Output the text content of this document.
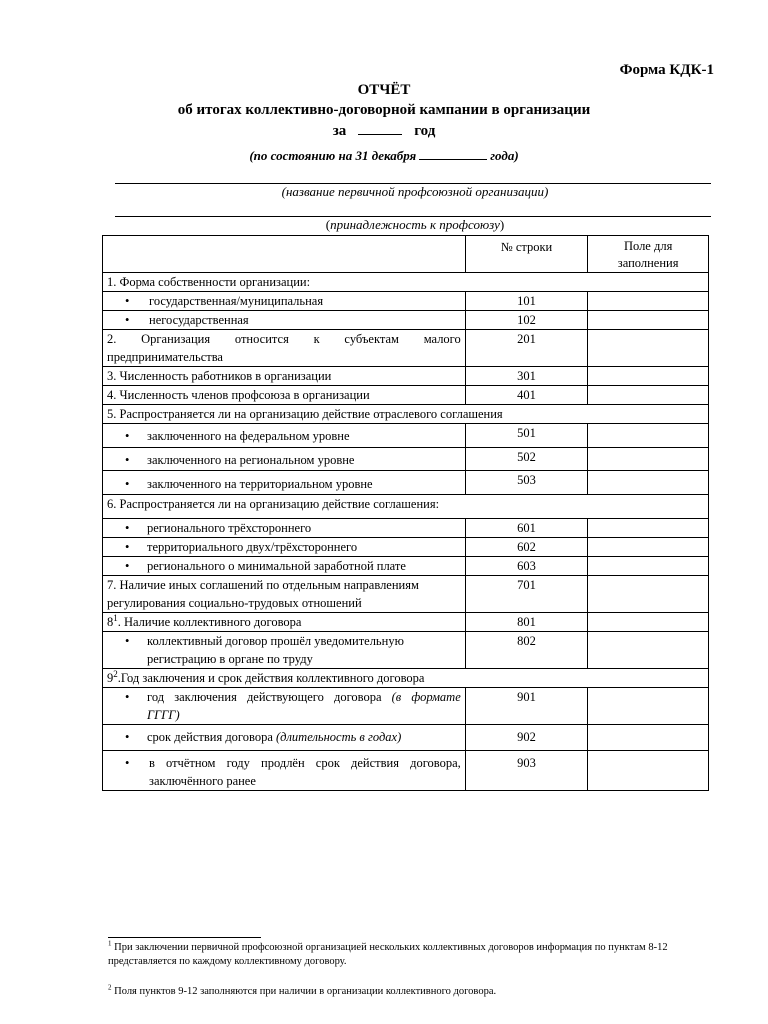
Форма КДК-1
ОТЧЁТ
об итогах коллективно-договорной кампании в организации
за	год
(по состоянию на 31 декабря	года)
(название первичной профсоюзной организации)
(принадлежность к профсоюзу)
	№ строки	Поле для заполнения
1. Форма собственности организации:		

• государственная/муниципальная	101	

• негосударственная	102	
2. Организация относится к субъектам малого предпринимательства	201	
3. Численность работников в организации	301	
4. Численность членов профсоюза в организации	401	
5. Распространяется ли на организацию действие отраслевого соглашения		

• заключенного на федеральном уровне	501	

• заключенного на региональном уровне	502	

• заключенного на территориальном уровне	503	
6. Распространяется ли на организацию действие соглашения:		

• регионального трёхстороннего	601	

• территориального двух/трёхстороннего	602	

• регионального о минимальной заработной плате	603	
7. Наличие иных соглашений по отдельным направлениям регулирования социально-трудовых отношений	701	
$8^1$. Наличие коллективного договора	801	

• коллективный договор прошёл уведомительную регистрацию в органе по труду	802	
$9^2.Год$ заключения и срок действия коллективного договора		

• год заключения действующего договора (в формате ГГГГ)	901	

• срок действия договора (длительность в годах)	902	

• в отчётном году продлён срок действия договора, заключённого ранее	903	
$^1$ При заключении первичной профсоюзной организацией нескольких коллективных договоров информация по пунктам 8-12 представляется по каждому коллективному договору.
$^2$ Поля пунктов 9-12 заполняются при наличии в организации коллективного договора.
